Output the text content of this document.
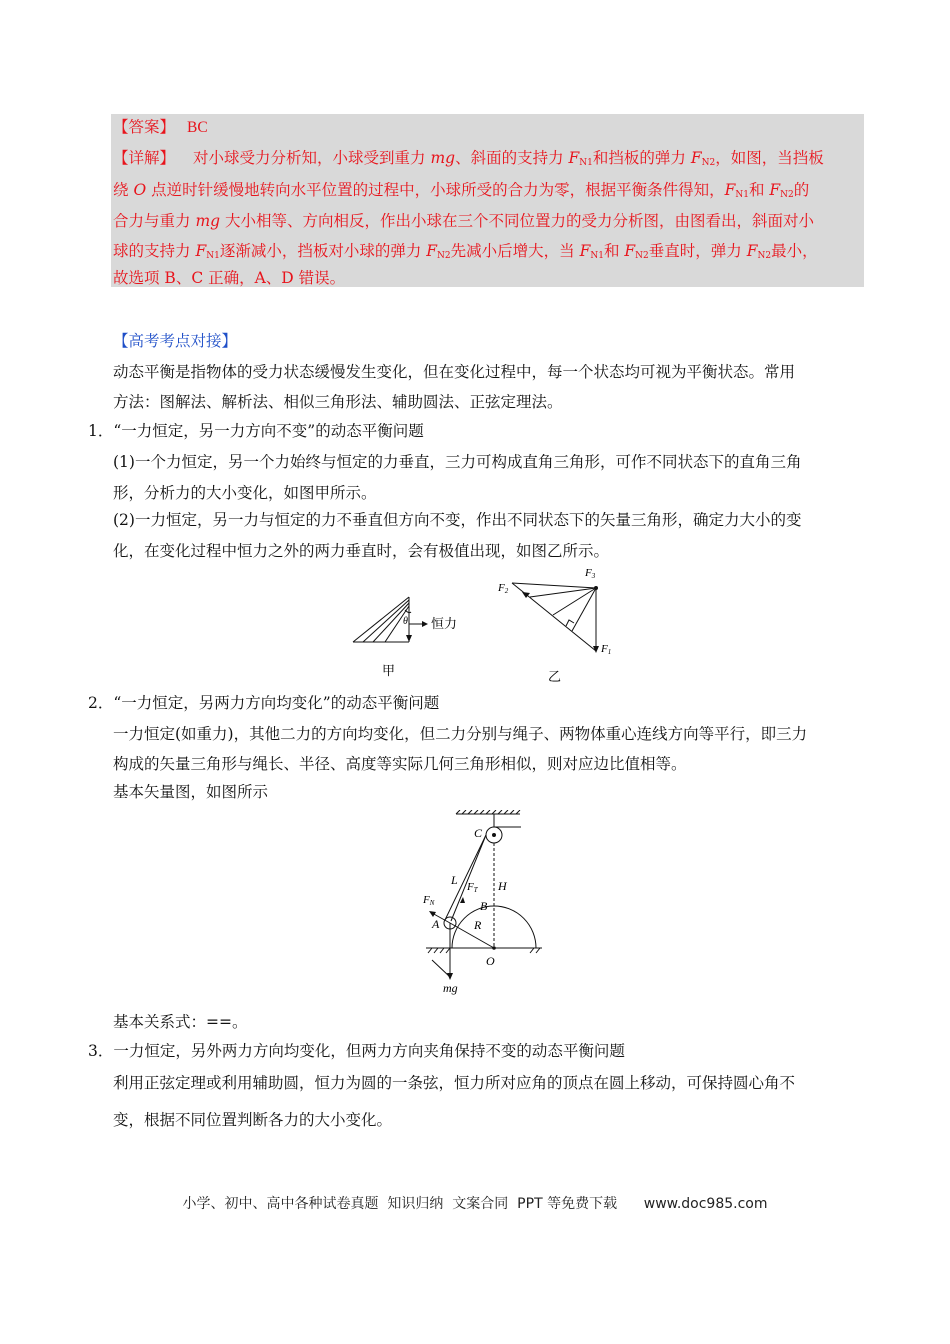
【答案】 BC
【详解】 对小球受力分析知，小球受到重力 mg、斜面的支持力 $F_{N1}$和挡板的弹力 $F_{N2}$，如图，当挡板
绕 O 点逆时针缓慢地转向水平位置的过程中，小球所受的合力为零，根据平衡条件得知，$F_{N1}$和 $F_{N2}$的
合力与重力 mg 大小相等、方向相反，作出小球在三个不同位置力的受力分析图，由图看出，斜面对小
球的支持力 $F_{N1}$逐渐减小，挡板对小球的弹力 $F_{N2}$先减小后增大，当 $F_{N1}$和 $F_{N2}$垂直时，弹力 $F_{N2}$最小，
故选项 B、C 正确，A、D 错误。
【高考考点对接】
动态平衡是指物体的受力状态缓慢发生变化，但在变化过程中，每一个状态均可视为平衡状态。常用
方法：图解法、解析法、相似三角形法、辅助圆法、正弦定理法。
1．“一力恒定，另一力方向不变”的动态平衡问题
(1)一个力恒定，另一个力始终与恒定的力垂直，三力可构成直角三角形，可作不同状态下的直角三角
形，分析力的大小变化，如图甲所示。
(2)一力恒定，另一力与恒定的力不垂直但方向不变，作出不同状态下的矢量三角形，确定力大小的变
化，在变化过程中恒力之外的两力垂直时，会有极值出现，如图乙所示。
θ 恒力
甲
F2
F3
F1
乙
2．“一力恒定，另两力方向均变化”的动态平衡问题
一力恒定(如重力)，其他二力的方向均变化，但二力分别与绳子、两物体重心连线方向等平行，即三力
构成的矢量三角形与绳长、半径、高度等实际几何三角形相似，则对应边比值相等。
基本矢量图，如图所示
C
L FT H
FN	B
A	R
O
mg
基本关系式：==。
3．一力恒定，另外两力方向均变化，但两力方向夹角保持不变的动态平衡问题
利用正弦定理或利用辅助圆，恒力为圆的一条弦，恒力所对应角的顶点在圆上移动，可保持圆心角不
变，根据不同位置判断各力的大小变化。
小学、初中、高中各种试卷真题  知识归纳  文案合同  PPT 等免费下载      www.doc985.com
